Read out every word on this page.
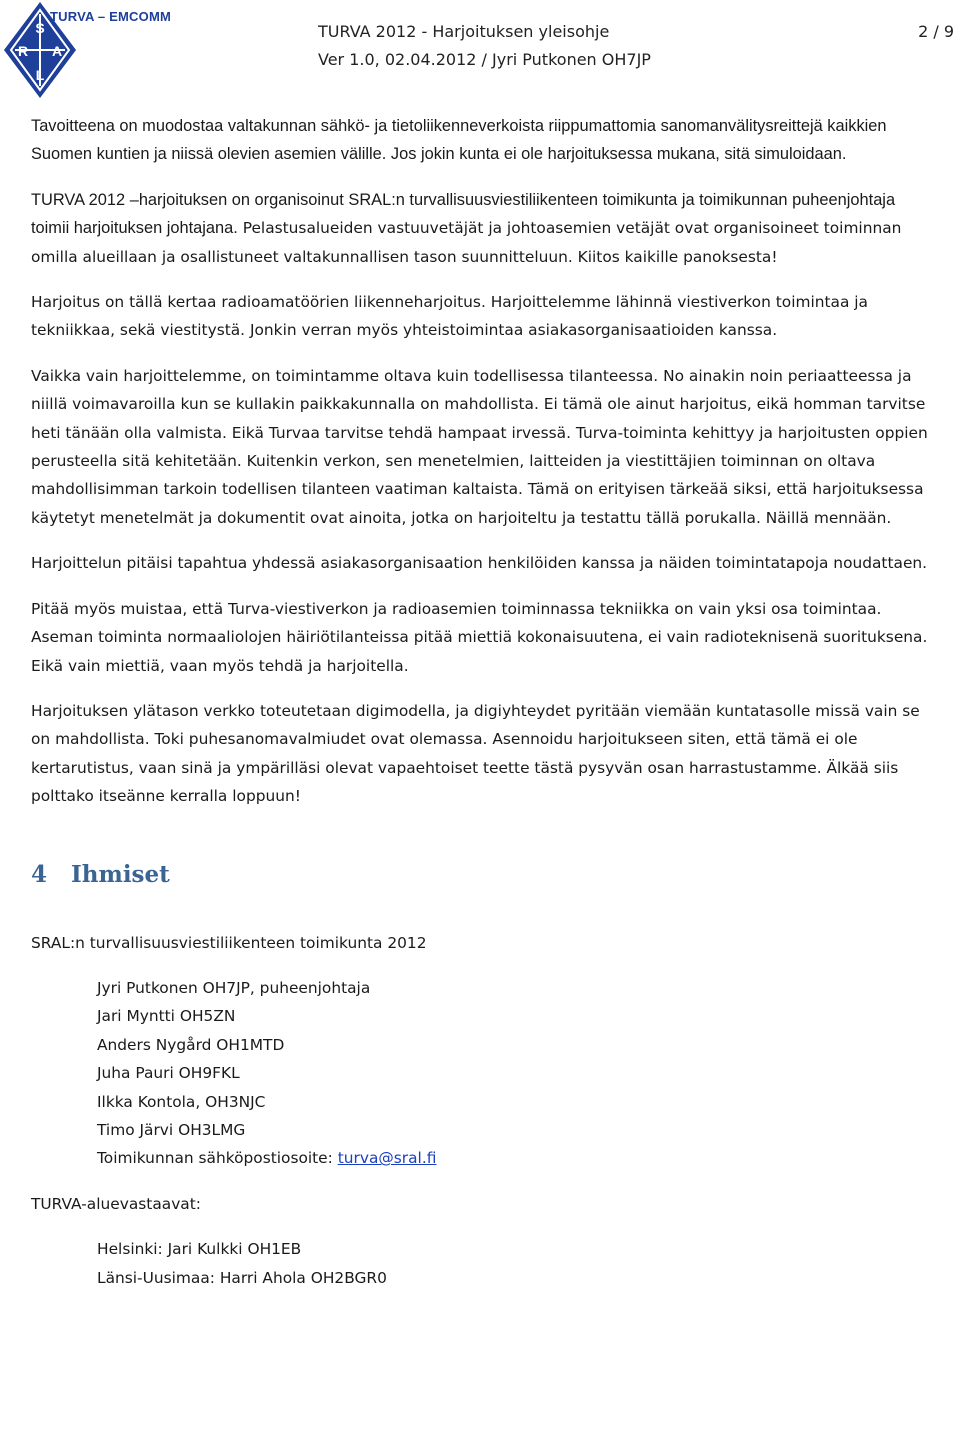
S
R A
L
TURVA – EMCOMM
TURVA 2012 - Harjoituksen yleisohje
Ver 1.0, 02.04.2012 / Jyri Putkonen OH7JP
2 / 9

Tavoitteena on muodostaa valtakunnan sähkö- ja tietoliikenneverkoista riippumattomia sanomanvälitysreittejä kaikkien Suomen kuntien ja niissä olevien asemien välille. Jos jokin kunta ei ole harjoituksessa mukana, sitä simuloidaan.

TURVA 2012 –harjoituksen on organisoinut SRAL:n turvallisuusviestiliikenteen toimikunta ja toimikunnan puheenjohtaja toimii harjoituksen johtajana. Pelastusalueiden vastuuvetäjät ja johtoasemien vetäjät ovat organisoineet toiminnan omilla alueillaan ja osallistuneet valtakunnallisen tason suunnitteluun. Kiitos kaikille panoksesta!

Harjoitus on tällä kertaa radioamatöörien liikenneharjoitus. Harjoittelemme lähinnä viestiverkon toimintaa ja tekniikkaa, sekä viestitystä. Jonkin verran myös yhteistoimintaa asiakasorganisaatioiden kanssa.

Vaikka vain harjoittelemme, on toimintamme oltava kuin todellisessa tilanteessa. No ainakin noin periaatteessa ja niillä voimavaroilla kun se kullakin paikkakunnalla on mahdollista. Ei tämä ole ainut harjoitus, eikä homman tarvitse heti tänään olla valmista. Eikä Turvaa tarvitse tehdä hampaat irvessä. Turva-toiminta kehittyy ja harjoitusten oppien perusteella sitä kehitetään. Kuitenkin verkon, sen menetelmien, laitteiden ja viestittäjien toiminnan on oltava mahdollisimman tarkoin todellisen tilanteen vaatiman kaltaista. Tämä on erityisen tärkeää siksi, että harjoituksessa käytetyt menetelmät ja dokumentit ovat ainoita, jotka on harjoiteltu ja testattu tällä porukalla. Näillä mennään.

Harjoittelun pitäisi tapahtua yhdessä asiakasorganisaation henkilöiden kanssa ja näiden toimintatapoja noudattaen.

Pitää myös muistaa, että Turva-viestiverkon ja radioasemien toiminnassa tekniikka on vain yksi osa toimintaa. Aseman toiminta normaaliolojen häiriötilanteissa pitää miettiä kokonaisuutena, ei vain radioteknisenä suorituksena. Eikä vain miettiä, vaan myös tehdä ja harjoitella.

Harjoituksen ylätason verkko toteutetaan digimodella, ja digiyhteydet pyritään viemään kuntatasolle missä vain se on mahdollista. Toki puhesanomavalmiudet ovat olemassa. Asennoidu harjoitukseen siten, että tämä ei ole kertarutistus, vaan sinä ja ympärilläsi olevat vapaehtoiset teette tästä pysyvän osan harrastustamme. Älkää siis polttako itseänne kerralla loppuun!

4 Ihmiset

SRAL:n turvallisuusviestiliikenteen toimikunta 2012

Jyri Putkonen OH7JP, puheenjohtaja
Jari Myntti OH5ZN
Anders Nygård OH1MTD
Juha Pauri OH9FKL
Ilkka Kontola, OH3NJC
Timo Järvi OH3LMG
Toimikunnan sähköpostiosoite: turva@sral.fi

TURVA-aluevastaavat:

Helsinki: Jari Kulkki OH1EB
Länsi-Uusimaa: Harri Ahola OH2BGR0
